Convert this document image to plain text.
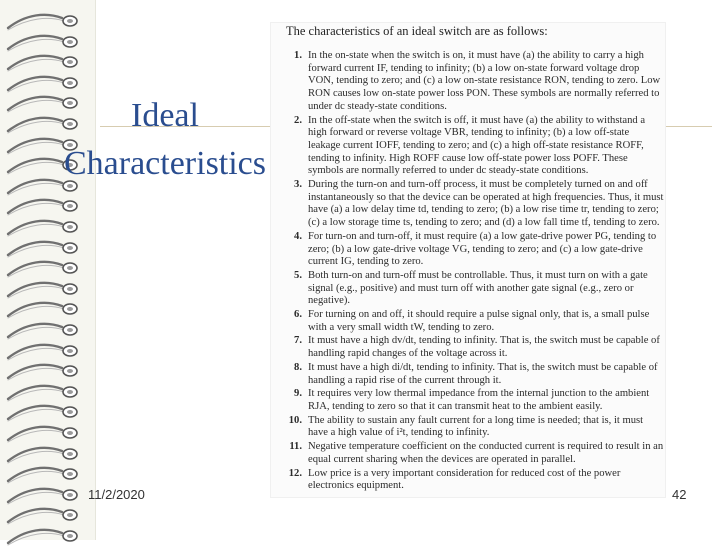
Ideal Characteristics
The characteristics of an ideal switch are as follows:
1. In the on-state when the switch is on, it must have (a) the ability to carry a high forward current IF, tending to infinity; (b) a low on-state forward voltage drop VON, tending to zero; and (c) a low on-state resistance RON, tending to zero. Low RON causes low on-state power loss PON. These symbols are normally referred to under dc steady-state conditions.
2. In the off-state when the switch is off, it must have (a) the ability to withstand a high forward or reverse voltage VBR, tending to infinity; (b) a low off-state leakage current IOFF, tending to zero; and (c) a high off-state resistance ROFF, tending to infinity. High ROFF cause low off-state power loss POFF. These symbols are normally referred to under dc steady-state conditions.
3. During the turn-on and turn-off process, it must be completely turned on and off instantaneously so that the device can be operated at high frequencies. Thus, it must have (a) a low delay time td, tending to zero; (b) a low rise time tr, tending to zero; (c) a low storage time ts, tending to zero; and (d) a low fall time tf, tending to zero.
4. For turn-on and turn-off, it must require (a) a low gate-drive power PG, tending to zero; (b) a low gate-drive voltage VG, tending to zero; and (c) a low gate-drive current IG, tending to zero.
5. Both turn-on and turn-off must be controllable. Thus, it must turn on with a gate signal (e.g., positive) and must turn off with another gate signal (e.g., zero or negative).
6. For turning on and off, it should require a pulse signal only, that is, a small pulse with a very small width tW, tending to zero.
7. It must have a high dv/dt, tending to infinity. That is, the switch must be capable of handling rapid changes of the voltage across it.
8. It must have a high di/dt, tending to infinity. That is, the switch must be capable of handling a rapid rise of the current through it.
9. It requires very low thermal impedance from the internal junction to the ambient RJA, tending to zero so that it can transmit heat to the ambient easily.
10. The ability to sustain any fault current for a long time is needed; that is, it must have a high value of i²t, tending to infinity.
11. Negative temperature coefficient on the conducted current is required to result in an equal current sharing when the devices are operated in parallel.
12. Low price is a very important consideration for reduced cost of the power electronics equipment.
11/2/2020	42
